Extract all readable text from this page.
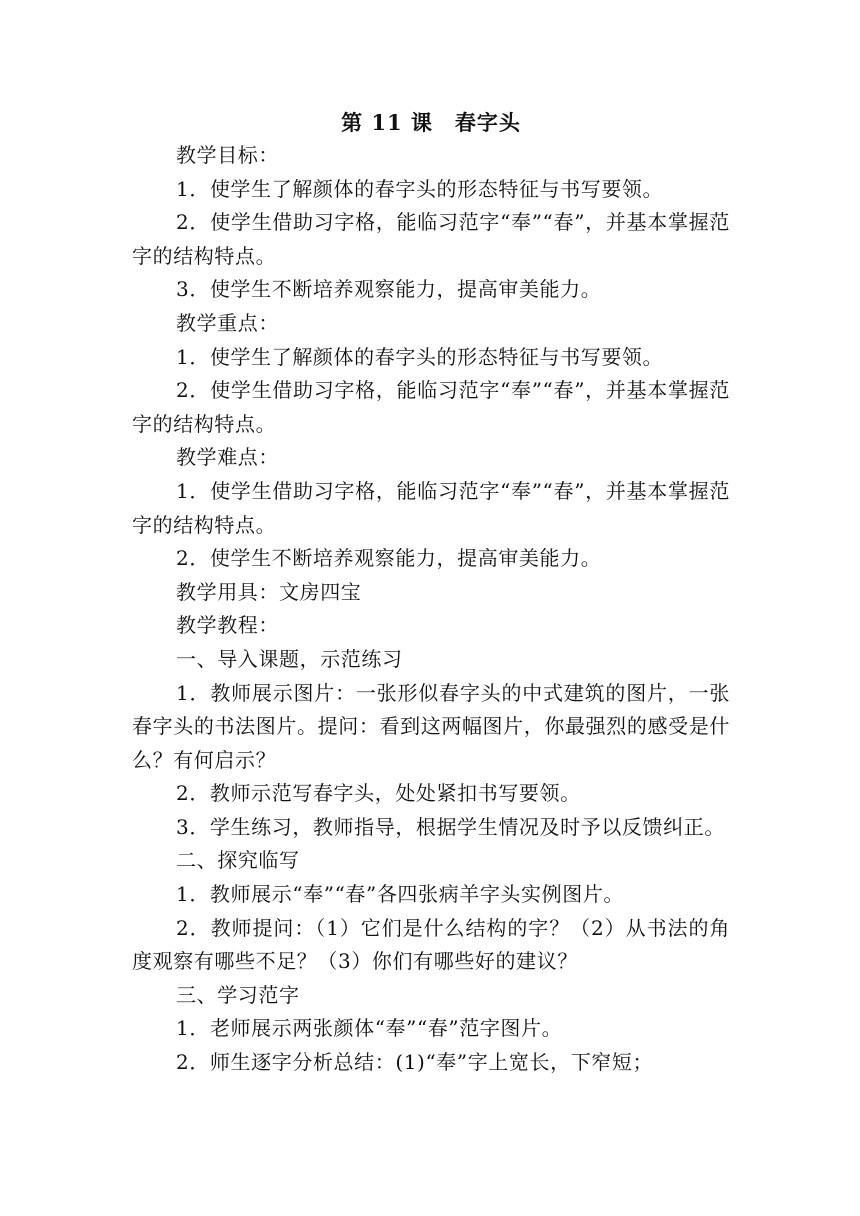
第 11 课　春字头

教学目标：

1．使学生了解颜体的春字头的形态特征与书写要领。

2．使学生借助习字格，能临习范字“奉”“春”，并基本掌握范字的结构特点。

3．使学生不断培养观察能力，提高审美能力。

教学重点：

1．使学生了解颜体的春字头的形态特征与书写要领。

2．使学生借助习字格，能临习范字“奉”“春”，并基本掌握范字的结构特点。

教学难点：

1．使学生借助习字格，能临习范字“奉”“春”，并基本掌握范字的结构特点。

2．使学生不断培养观察能力，提高审美能力。

教学用具：文房四宝

教学教程：

一、导入课题，示范练习

1．教师展示图片：一张形似春字头的中式建筑的图片，一张春字头的书法图片。提问：看到这两幅图片，你最强烈的感受是什么？有何启示？

2．教师示范写春字头，处处紧扣书写要领。

3．学生练习，教师指导，根据学生情况及时予以反馈纠正。

二、探究临写

1．教师展示“奉”“春”各四张病羊字头实例图片。

2．教师提问：（1）它们是什么结构的字？（2）从书法的角度观察有哪些不足？（3）你们有哪些好的建议？

三、学习范字

1．老师展示两张颜体“奉”“春”范字图片。

2．师生逐字分析总结：(1)“奉”字上宽长，下窄短；
